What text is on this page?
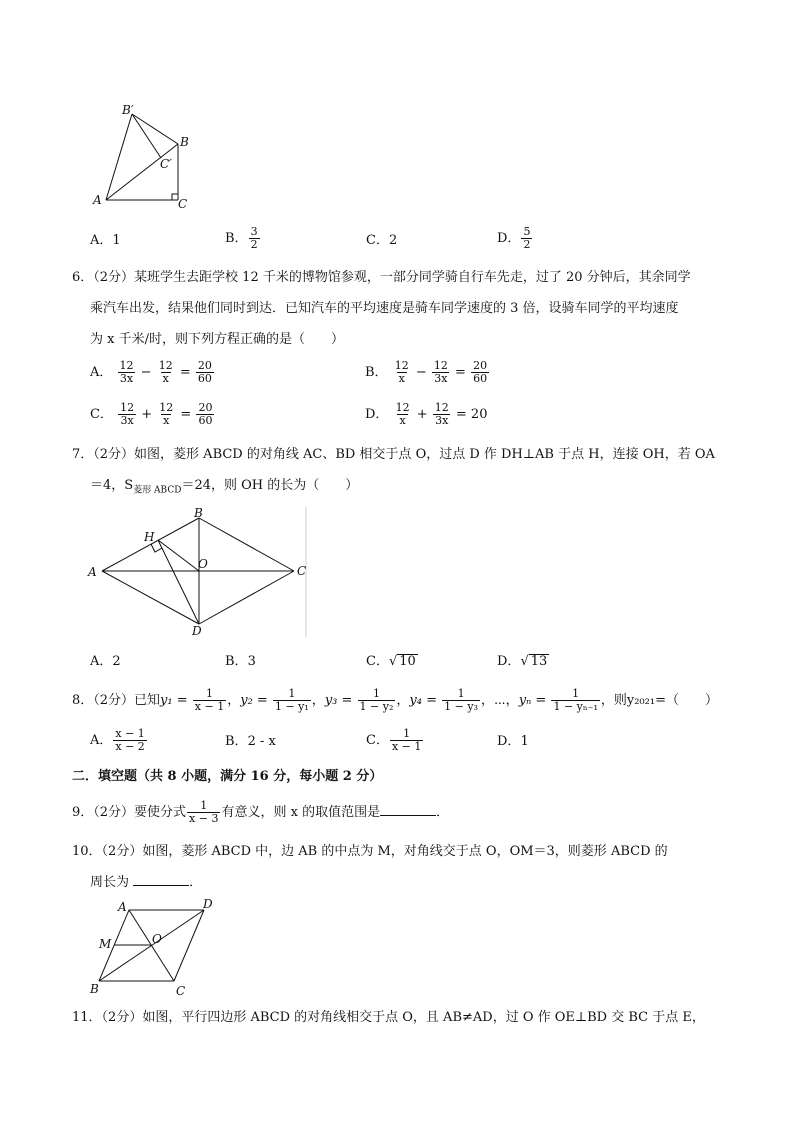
B′
B
C′
A	C
A．1	B． $\frac{3}{2}$	C．2	D． $\frac{5}{2}$
6．（2分）某班学生去距学校 12 千米的博物馆参观，一部分同学骑自行车先走，过了 20 分钟后，其余同学
乘汽车出发，结果他们同时到达．已知汽车的平均速度是骑车同学速度的 3 倍，设骑车同学的平均速度
为 x 千米/时，则下列方程正确的是（　　）
A． $\frac{12}{3x} - \frac{12}{x} = \frac{20}{60}$	B． $\frac{12}{x} - \frac{12}{3x} = \frac{20}{60}$
C． $\frac{12}{3x} + \frac{12}{x} = \frac{20}{60}$	D． $\frac{12}{x} + \frac{12}{3x} = 20$
7．（2分）如图，菱形 ABCD 的对角线 AC、BD 相交于点 O，过点 D 作 DH⊥AB 于点 H，连接 OH，若 OA
＝4，$S_{菱形 ABCD}=24$，则 OH 的长为（　　）
A
B
C
D
H
O
A．2	B．3	C．√ 10	D．√ 13
8．（2分）已知$y_1 = \frac{1}{x - 1}$ ，$y_2 = \frac{1}{\text{1 − y₁}}$ ，$y_3 = \frac{1}{\text{1 − y₂}}$ ，$y_4 = \frac{1}{\text{1 − y₃}}$ ，⋯，$y_n = \frac{1}{\text{1 − yₙ₋₁}}$ ，则y₂₀₂₁=（　　）
A． $\frac{x - 1}{x - 2}$	B．2 - x	C． $\frac{1}{x - 1}$	D．1
二．填空题（共 8 小题，满分 16 分，每小题 2 分）
9．（2分）要使分式 $\frac{1}{x - 3}$ 有意义，则 x 的取值范围是	．
10．（2分）如图，菱形 ABCD 中，边 AB 的中点为 M，对角线交于点 O，OM＝3，则菱形 ABCD 的
周长为	．
A	D
M	O
B	C
11．（2分）如图，平行四边形 ABCD 的对角线相交于点 O，且 AB≠AD，过 O 作 OE⊥BD 交 BC 于点 E，
